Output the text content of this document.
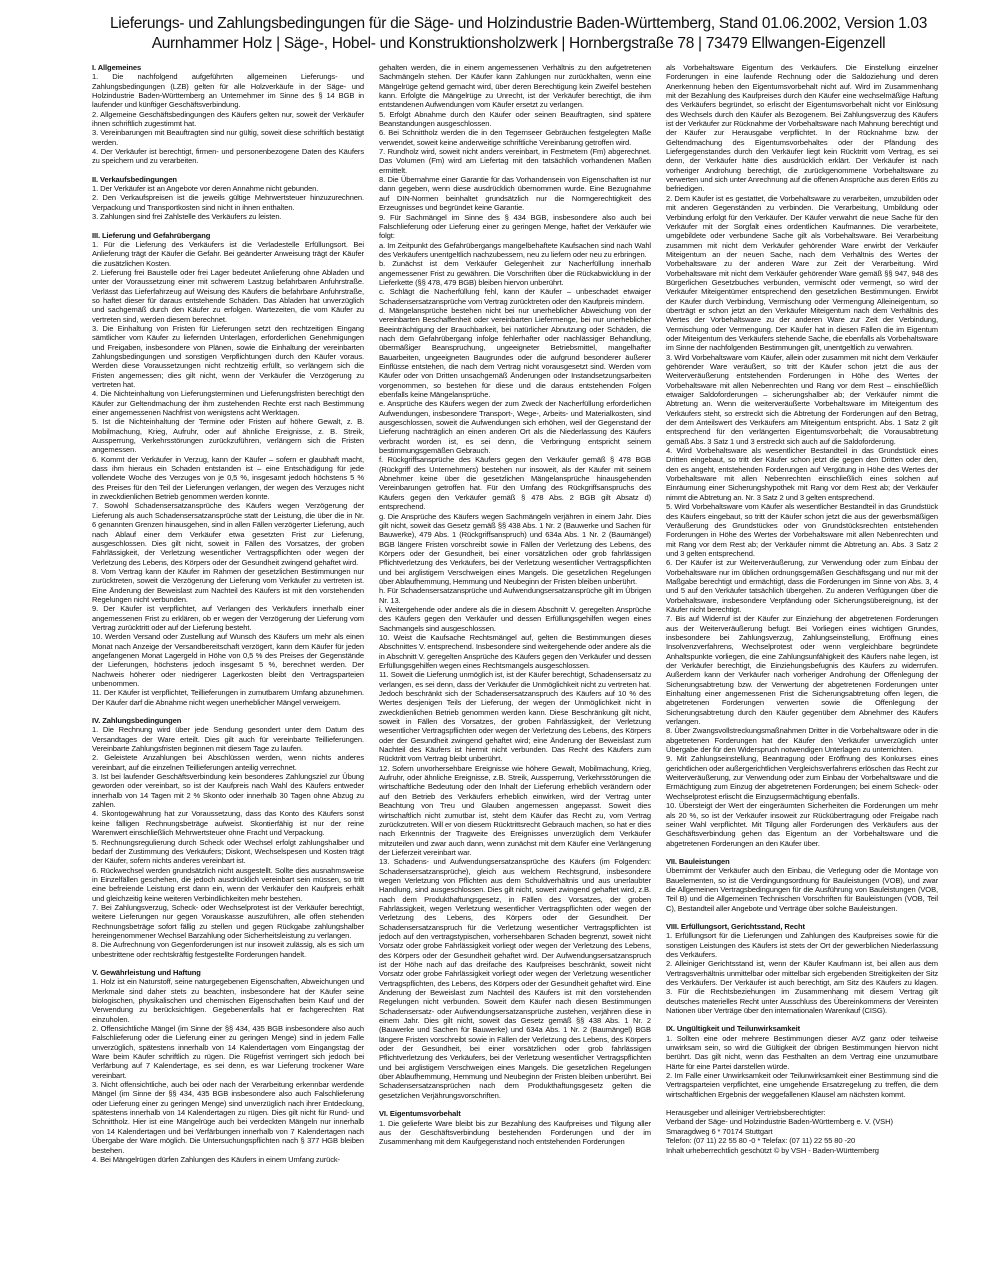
Lieferungs- und Zahlungsbedingungen für die Säge- und Holzindustrie Baden-Württemberg, Stand 01.06.2002, Version 1.03
Aurnhammer Holz | Säge-, Hobel- und Konstruktionsholzwerk | Hornbergstraße 78 | 73479 Ellwangen-Eigenzell
I. Allgemeines
1. Die nachfolgend aufgeführten allgemeinen Lieferungs- und Zahlungsbedingungen (LZB) gelten für alle Holzverkäufe in der Säge- und Holzindustrie Baden-Württemberg an Unternehmer im Sinne des § 14 BGB in laufender und künftiger Geschäftsverbindung.
2. Allgemeine Geschäftsbedingungen des Käufers gelten nur, soweit der Verkäufer ihnen schriftlich zugestimmt hat.
3. Vereinbarungen mit Beauftragten sind nur gültig, soweit diese schriftlich bestätigt werden.
4. Der Verkäufer ist berechtigt, firmen- und personenbezogene Daten des Käufers zu speichern und zu verarbeiten.
II. Verkaufsbedingungen
1. Der Verkäufer ist an Angebote vor deren Annahme nicht gebunden.
2. Den Verkaufspreisen ist die jeweils gültige Mehrwertsteuer hinzuzurechnen. Verpackung und Transportkosten sind nicht in ihnen enthalten.
3. Zahlungen sind frei Zahlstelle des Verkäufers zu leisten.
III. Lieferung und Gefahrübergang
1. Für die Lieferung des Verkäufers ist die Verladestelle Erfüllungsort. Bei Anlieferung trägt der Käufer die Gefahr. Bei geänderter Anweisung trägt der Käufer die zusätzlichen Kosten.
2. Lieferung frei Baustelle oder frei Lager bedeutet Anlieferung ohne Abladen und unter der Voraussetzung einer mit schwerem Lastzug befahrbaren Anfuhrstraße. Verlässt das Lieferfahrzeug auf Weisung des Käufers die befahrbare Anfuhrstraße, so haftet dieser für daraus entstehende Schäden. Das Abladen hat unverzüglich und sachgemäß durch den Käufer zu erfolgen. Wartezeiten, die vom Käufer zu vertreten sind, werden diesem berechnet.
3. Die Einhaltung von Fristen für Lieferungen setzt den rechtzeitigen Eingang sämtlicher vom Käufer zu liefernden Unterlagen, erforderlichen Genehmigungen und Freigaben, insbesondere von Plänen, sowie die Einhaltung der vereinbarten Zahlungsbedingungen und sonstigen Verpflichtungen durch den Käufer voraus. Werden diese Voraussetzungen nicht rechtzeitig erfüllt, so verlängern sich die Fristen angemessen; dies gilt nicht, wenn der Verkäufer die Verzögerung zu vertreten hat.
4. Die Nichteinhaltung von Lieferungsterminen und Lieferungsfristen berechtigt den Käufer zur Geltendmachung der ihm zustehenden Rechte erst nach Bestimmung einer angemessenen Nachfrist von wenigstens acht Werktagen.
5. Ist die Nichteinhaltung der Termine oder Fristen auf höhere Gewalt, z. B. Mobilmachung, Krieg, Aufruhr, oder auf ähnliche Ereignisse, z. B. Streik, Aussperrung, Verkehrsstörungen zurückzuführen, verlängern sich die Fristen angemessen.
6. Kommt der Verkäufer in Verzug, kann der Käufer – sofern er glaubhaft macht, dass ihm hieraus ein Schaden entstanden ist – eine Entschädigung für jede vollendete Woche des Verzuges von je 0,5 %, insgesamt jedoch höchstens 5 % des Preises für den Teil der Lieferungen verlangen, der wegen des Verzuges nicht in zweckdienlichen Betrieb genommen werden konnte.
7. Sowohl Schadensersatzansprüche des Käufers wegen Verzögerung der Lieferung als auch Schadensersatzansprüche statt der Leistung, die über die in Nr. 6 genannten Grenzen hinausgehen, sind in allen Fällen verzögerter Lieferung, auch nach Ablauf einer dem Verkäufer etwa gesetzten Frist zur Lieferung, ausgeschlossen. Dies gilt nicht, soweit in Fällen des Vorsatzes, der groben Fahrlässigkeit, der Verletzung wesentlicher Vertragspflichten oder wegen der Verletzung des Lebens, des Körpers oder der Gesundheit zwingend gehaftet wird.
8. Vom Vertrag kann der Käufer im Rahmen der gesetzlichen Bestimmungen nur zurücktreten, soweit die Verzögerung der Lieferung vom Verkäufer zu vertreten ist. Eine Änderung der Beweislast zum Nachteil des Käufers ist mit den vorstehenden Regelungen nicht verbunden.
9. Der Käufer ist verpflichtet, auf Verlangen des Verkäufers innerhalb einer angemessenen Frist zu erklären, ob er wegen der Verzögerung der Lieferung vom Vertrag zurücktritt oder auf der Lieferung besteht.
10. Werden Versand oder Zustellung auf Wunsch des Käufers um mehr als einen Monat nach Anzeige der Versandbereitschaft verzögert, kann dem Käufer für jeden angefangenen Monat Lagergeld in Höhe von 0,5 % des Preises der Gegenstände der Lieferungen, höchstens jedoch insgesamt 5 %, berechnet werden. Der Nachweis höherer oder niedrigerer Lagerkosten bleibt den Vertragsparteien unbenommen.
11. Der Käufer ist verpflichtet, Teillieferungen in zumutbarem Umfang abzunehmen. Der Käufer darf die Abnahme nicht wegen unerheblicher Mängel verweigern.
IV. Zahlungsbedingungen
1. Die Rechnung wird über jede Sendung gesondert unter dem Datum des Versandtages der Ware erteilt. Dies gilt auch für vereinbarte Teillieferungen. Vereinbarte Zahlungsfristen beginnen mit diesem Tage zu laufen.
2. Geleistete Anzahlungen bei Abschlüssen werden, wenn nichts anderes vereinbart, auf die einzelnen Teillieferungen anteilig verrechnet.
3. Ist bei laufender Geschäftsverbindung kein besonderes Zahlungsziel zur Übung geworden oder vereinbart, so ist der Kaufpreis nach Wahl des Käufers entweder innerhalb von 14 Tagen mit 2 % Skonto oder innerhalb 30 Tagen ohne Abzug zu zahlen.
4. Skontogewährung hat zur Voraussetzung, dass das Konto des Käufers sonst keine fälligen Rechnungsbeträge aufweist. Skontierfähig ist nur der reine Warenwert einschließlich Mehrwertsteuer ohne Fracht und Verpackung.
5. Rechnungsregulierung durch Scheck oder Wechsel erfolgt zahlungshalber und bedarf der Zustimmung des Verkäufers; Diskont, Wechselspesen und Kosten trägt der Käufer, sofern nichts anderes vereinbart ist.
6. Rückwechsel werden grundsätzlich nicht ausgestellt. Sollte dies ausnahmsweise in Einzelfällen geschehen, die jedoch ausdrücklich vereinbart sein müssen, so tritt eine befreiende Leistung erst dann ein, wenn der Verkäufer den Kaufpreis erhält und gleichzeitig keine weiteren Verbindlichkeiten mehr bestehen.
7. Bei Zahlungsverzug, Scheck- oder Wechselprotest ist der Verkäufer berechtigt, weitere Lieferungen nur gegen Vorauskasse auszuführen, alle offen stehenden Rechnungsbeträge sofort fällig zu stellen und gegen Rückgabe zahlungshalber hereingenommener Wechsel Barzahlung oder Sicherheitsleistung zu verlangen.
8. Die Aufrechnung von Gegenforderungen ist nur insoweit zulässig, als es sich um unbestrittene oder rechtskräftig festgestellte Forderungen handelt.
V. Gewährleistung und Haftung
1. Holz ist ein Naturstoff, seine naturgegebenen Eigenschaften, Abweichungen und Merkmale sind daher stets zu beachten, insbesondere hat der Käufer seine biologischen, physikalischen und chemischen Eigenschaften beim Kauf und der Verwendung zu berücksichtigen. Gegebenenfalls hat er fachgerechten Rat einzuholen.
2. Offensichtliche Mängel (im Sinne der §§ 434, 435 BGB insbesondere also auch Falschlieferung oder die Lieferung einer zu geringen Menge) sind in jedem Falle unverzüglich, spätestens innerhalb von 14 Kalendertagen vom Eingangstag der Ware beim Käufer schriftlich zu rügen. Die Rügefrist verringert sich jedoch bei Verfärbung auf 7 Kalendertage, es sei denn, es war Lieferung trockener Ware vereinbart.
3. Nicht offensichtliche, auch bei oder nach der Verarbeitung erkennbar werdende Mängel (im Sinne der §§ 434, 435 BGB insbesondere also auch Falschlieferung oder Lieferung einer zu geringen Menge) sind unverzüglich nach ihrer Entdeckung, spätestens innerhalb von 14 Kalendertagen zu rügen. Dies gilt nicht für Rund- und Schnittholz. Hier ist eine Mängelrüge auch bei verdeckten Mängeln nur innerhalb von 14 Kalendertagen und bei Verfärbungen innerhalb von 7 Kalendertagen nach Übergabe der Ware möglich. Die Untersuchungspflichten nach § 377 HGB bleiben bestehen.
4. Bei Mängelrügen dürfen Zahlungen des Käufers in einem Umfang zurück-
gehalten werden, die in einem angemessenen Verhältnis zu den aufgetretenen Sachmängeln stehen. Der Käufer kann Zahlungen nur zurückhalten, wenn eine Mängelrüge geltend gemacht wird, über deren Berechtigung kein Zweifel bestehen kann. Erfolgte die Mängelrüge zu Unrecht, ist der Verkäufer berechtigt, die ihm entstandenen Aufwendungen vom Käufer ersetzt zu verlangen.
5. Erfolgt Abnahme durch den Käufer oder seinen Beauftragten, sind spätere Beanstandungen ausgeschlossen.
6. Bei Schnittholz werden die in den Tegernseer Gebräuchen festgelegten Maße verwendet, soweit keine anderweitige schriftliche Vereinbarung getroffen wird.
7. Rundholz wird, soweit nicht anders vereinbart, in Festmetern (Fm) abgerechnet. Das Volumen (Fm) wird am Liefertag mit den tatsächlich vorhandenen Maßen ermittelt.
8. Die Übernahme einer Garantie für das Vorhandensein von Eigenschaften ist nur dann gegeben, wenn diese ausdrücklich übernommen wurde. Eine Bezugnahme auf DIN-Normen beinhaltet grundsätzlich nur die Normgerechtigkeit des Erzeugnisses und begründet keine Garantie.
9. Für Sachmängel im Sinne des § 434 BGB, insbesondere also auch bei Falschlieferung oder Lieferung einer zu geringen Menge, haftet der Verkäufer wie folgt:
a. Im Zeitpunkt des Gefahrübergangs mangelbehaftete Kaufsachen sind nach Wahl des Verkäufers unentgeltlich nachzubessern, neu zu liefern oder neu zu erbringen.
b. Zunächst ist dem Verkäufer Gelegenheit zur Nacherfüllung innerhalb angemessener Frist zu gewähren. Die Vorschriften über die Rückabwicklung in der Lieferkette (§§ 478, 479 BGB) bleiben hiervon unberührt.
c. Schlägt die Nacherfüllung fehl, kann der Käufer – unbeschadet etwaiger Schadensersatzansprüche vom Vertrag zurücktreten oder den Kaufpreis mindern.
d. Mängelansprüche bestehen nicht bei nur unerheblicher Abweichung von der vereinbarten Beschaffenheit oder vereinbarten Liefermenge, bei nur unerheblicher Beeinträchtigung der Brauchbarkeit, bei natürlicher Abnutzung oder Schäden, die nach dem Gefahrübergang infolge fehlerhafter oder nachlässiger Behandlung, übermäßiger Beanspruchung, ungeeigneter Betriebsmittel, mangelhafter Bauarbeiten, ungeeigneten Baugrundes oder die aufgrund besonderer äußerer Einflüsse entstehen, die nach dem Vertrag nicht vorausgesetzt sind. Werden vom Käufer oder von Dritten unsachgemäß Änderungen oder Instandsetzungsarbeiten vorgenommen, so bestehen für diese und die daraus entstehenden Folgen ebenfalls keine Mängelansprüche.
e. Ansprüche des Käufers wegen der zum Zweck der Nacherfüllung erforderlichen Aufwendungen, insbesondere Transport-, Wege-, Arbeits- und Materialkosten, sind ausgeschlossen, soweit die Aufwendungen sich erhöhen, weil der Gegenstand der Lieferung nachträglich an einen anderen Ort als die Niederlassung des Käufers verbracht worden ist, es sei denn, die Verbringung entspricht seinem bestimmungsgemäßen Gebrauch.
f. Rückgriffsansprüche des Käufers gegen den Verkäufer gemäß § 478 BGB (Rückgriff des Unternehmers) bestehen nur insoweit, als der Käufer mit seinem Abnehmer keine über die gesetzlichen Mängelansprüche hinausgehenden Vereinbarungen getroffen hat. Für den Umfang des Rückgriffsanspruchs des Käufers gegen den Verkäufer gemäß § 478 Abs. 2 BGB gilt Absatz d) entsprechend.
g. Die Ansprüche des Käufers wegen Sachmängeln verjähren in einem Jahr. Dies gilt nicht, soweit das Gesetz gemäß §§ 438 Abs. 1 Nr. 2 (Bauwerke und Sachen für Bauwerke), 479 Abs. 1 (Rückgriffsanspruch) und 634a Abs. 1 Nr. 2 (Baumängel) BGB längere Fristen vorschreibt sowie in Fällen der Verletzung des Lebens, des Körpers oder der Gesundheit, bei einer vorsätzlichen oder grob fahrlässigen Pflichtverletzung des Verkäufers, bei der Verletzung wesentlicher Vertragspflichten und bei arglistigem Verschweigen eines Mangels. Die gesetzlichen Regelungen über Ablaufhemmung, Hemmung und Neubeginn der Fristen bleiben unberührt.
h. Für Schadensersatzansprüche und Aufwendungsersatzansprüche gilt im Übrigen Nr. 13.
i. Weitergehende oder andere als die in diesem Abschnitt V. geregelten Ansprüche des Käufers gegen den Verkäufer und dessen Erfüllungsgehilfen wegen eines Sachmangels sind ausgeschlossen.
10. Weist die Kaufsache Rechtsmängel auf, gelten die Bestimmungen dieses Abschnittes V. entsprechend. Insbesondere sind weitergehende oder andere als die in Abschnitt V. geregelten Ansprüche des Käufers gegen den Verkäufer und dessen Erfüllungsgehilfen wegen eines Rechtsmangels ausgeschlossen.
11. Soweit die Lieferung unmöglich ist, ist der Käufer berechtigt, Schadensersatz zu verlangen, es sei denn, dass der Verkäufer die Unmöglichkeit nicht zu vertreten hat. Jedoch beschränkt sich der Schadensersatzanspruch des Käufers auf 10 % des Wertes desjenigen Teils der Lieferung, der wegen der Unmöglichkeit nicht in zweckdienlichen Betrieb genommen werden kann. Diese Beschränkung gilt nicht, soweit in Fällen des Vorsatzes, der groben Fahrlässigkeit, der Verletzung wesentlicher Vertragspflichten oder wegen der Verletzung des Lebens, des Körpers oder der Gesundheit zwingend gehaftet wird; eine Änderung der Beweislast zum Nachteil des Käufers ist hiermit nicht verbunden. Das Recht des Käufers zum Rücktritt vom Vertrag bleibt unberührt.
12. Sofern unvorhersehbare Ereignisse wie höhere Gewalt, Mobilmachung, Krieg, Aufruhr, oder ähnliche Ereignisse, z.B. Streik, Aussperrung, Verkehrsstörungen die wirtschaftliche Bedeutung oder den Inhalt der Lieferung erheblich verändern oder auf den Betrieb des Verkäufers erheblich einwirken, wird der Vertrag unter Beachtung von Treu und Glauben angemessen angepasst. Soweit dies wirtschaftlich nicht zumutbar ist, steht dem Käufer das Recht zu, vom Vertrag zurückzutreten. Will er von diesem Rücktrittsrecht Gebrauch machen, so hat er dies nach Erkenntnis der Tragweite des Ereignisses unverzüglich dem Verkäufer mitzuteilen und zwar auch dann, wenn zunächst mit dem Käufer eine Verlängerung der Lieferzeit vereinbart war.
13. Schadens- und Aufwendungsersatzansprüche des Käufers (im Folgenden: Schadensersatzansprüche), gleich aus welchem Rechtsgrund, insbesondere wegen Verletzung von Pflichten aus dem Schuldverhältnis und aus unerlaubter Handlung, sind ausgeschlossen. Dies gilt nicht, soweit zwingend gehaftet wird, z.B. nach dem Produkthaftungsgesetz, in Fällen des Vorsatzes, der groben Fahrlässigkeit, wegen Verletzung wesentlicher Vertragspflichten oder wegen der Verletzung des Lebens, des Körpers oder der Gesundheit. Der Schadensersatzanspruch für die Verletzung wesentlicher Vertragspflichten ist jedoch auf den vertragstypischen, vorhersehbaren Schaden begrenzt, soweit nicht Vorsatz oder grobe Fahrlässigkeit vorliegt oder wegen der Verletzung des Lebens, des Körpers oder der Gesundheit gehaftet wird. Der Aufwendungsersatzanspruch ist der Höhe nach auf das dreifache des Kaufpreises beschränkt, soweit nicht Vorsatz oder grobe Fahrlässigkeit vorliegt oder wegen der Verletzung wesentlicher Vertragspflichten, des Lebens, des Körpers oder der Gesundheit gehaftet wird. Eine Änderung der Beweislast zum Nachteil des Käufers ist mit den vorstehenden Regelungen nicht verbunden. Soweit dem Käufer nach diesen Bestimmungen Schadensersatz- oder Aufwendungsersatzansprüche zustehen, verjähren diese in einem Jahr. Dies gilt nicht, soweit das Gesetz gemäß §§ 438 Abs. 1 Nr. 2 (Bauwerke und Sachen für Bauwerke) und 634a Abs. 1 Nr. 2 (Baumängel) BGB längere Fristen vorschreibt sowie in Fällen der Verletzung des Lebens, des Körpers oder der Gesundheit, bei einer vorsätzlichen oder grob fahrlässigen Pflichtverletzung des Verkäufers, bei der Verletzung wesentlicher Vertragspflichten und bei arglistigem Verschweigen eines Mangels. Die gesetzlichen Regelungen über Ablaufhemmung, Hemmung und Neubeginn der Fristen bleiben unberührt. Bei Schadensersatzansprüchen nach dem Produkthaftungsgesetz gelten die gesetzlichen Verjährungsvorschriften.
VI. Eigentumsvorbehalt
1. Die gelieferte Ware bleibt bis zur Bezahlung des Kaufpreises und Tilgung aller aus der Geschäftsverbindung bestehenden Forderungen und der im Zusammenhang mit dem Kaufgegenstand noch entstehenden Forderungen
als Vorbehaltsware Eigentum des Verkäufers. Die Einstellung einzelner Forderungen in eine laufende Rechnung oder die Saldoziehung und deren Anerkennung heben den Eigentumsvorbehalt nicht auf. Wird im Zusammenhang mit der Bezahlung des Kaufpreises durch den Käufer eine wechselmäßige Haftung des Verkäufers begründet, so erlischt der Eigentumsvorbehalt nicht vor Einlösung des Wechsels durch den Käufer als Bezogenem. Bei Zahlungsverzug des Käufers ist der Verkäufer zur Rücknahme der Vorbehaltsware nach Mahnung berechtigt und der Käufer zur Herausgabe verpflichtet. In der Rücknahme bzw. der Geltendmachung des Eigentumsvorbehaltes oder der Pfändung des Liefergegenstandes durch den Verkäufer liegt kein Rücktritt vom Vertrag, es sei denn, der Verkäufer hätte dies ausdrücklich erklärt. Der Verkäufer ist nach vorheriger Androhung berechtigt, die zurückgenommene Vorbehaltsware zu verwerten und sich unter Anrechnung auf die offenen Ansprüche aus deren Erlös zu befriedigen.
2. Dem Käufer ist es gestattet, die Vorbehaltsware zu verarbeiten, umzubilden oder mit anderen Gegenständen zu verbinden. Die Verarbeitung, Umbildung oder Verbindung erfolgt für den Verkäufer. Der Käufer verwahrt die neue Sache für den Verkäufer mit der Sorgfalt eines ordentlichen Kaufmannes. Die verarbeitete, umgebildete oder verbundene Sache gilt als Vorbehaltsware. Bei Verarbeitung zusammen mit nicht dem Verkäufer gehörender Ware erwirbt der Verkäufer Miteigentum an der neuen Sache, nach dem Verhältnis des Wertes der Vorbehaltsware zu der anderen Ware zur Zeit der Verarbeitung. Wird Vorbehaltsware mit nicht dem Verkäufer gehörender Ware gemäß §§ 947, 948 des Bürgerlichen Gesetzbuches verbunden, vermischt oder vermengt, so wird der Verkäufer Miteigentümer entsprechend den gesetzlichen Bestimmungen. Erwirbt der Käufer durch Verbindung, Vermischung oder Vermengung Alleineigentum, so überträgt er schon jetzt an den Verkäufer Miteigentum nach dem Verhältnis des Wertes der Vorbehaltsware zu der anderen Ware zur Zeit der Verbindung, Vermischung oder Vermengung. Der Käufer hat in diesen Fällen die im Eigentum oder Miteigentum des Verkäufers stehende Sache, die ebenfalls als Vorbehaltsware im Sinne der nachfolgenden Bestimmungen gilt, unentgeltlich zu verwahren.
3. Wird Vorbehaltsware vom Käufer, allein oder zusammen mit nicht dem Verkäufer gehörender Ware veräußert, so tritt der Käufer schon jetzt die aus der Weiterveräußerung entstehenden Forderungen in Höhe des Wertes der Vorbehaltsware mit allen Nebenrechten und Rang vor dem Rest – einschließlich etwaiger Saldoforderungen – sicherungshalber ab; der Verkäufer nimmt die Abtretung an. Wenn die weiterveräußerte Vorbehaltsware im Miteigentum des Verkäufers steht, so erstreckt sich die Abtretung der Forderungen auf den Betrag, der dem Anteilswert des Verkäufers am Miteigentum entspricht. Abs. 1 Satz 2 gilt entsprechend für den verlängerten Eigentumsvorbehalt; die Vorausabtretung gemäß Abs. 3 Satz 1 und 3 erstreckt sich auch auf die Saldoforderung.
4. Wird Vorbehaltsware als wesentlicher Bestandteil in das Grundstück eines Dritten eingebaut, so tritt der Käufer schon jetzt die gegen den Dritten oder den, den es angeht, entstehenden Forderungen auf Vergütung in Höhe des Wertes der Vorbehaltsware mit allen Nebenrechten einschließlich eines solchen auf Einräumung einer Sicherungshypothek mit Rang vor dem Rest ab; der Verkäufer nimmt die Abtretung an. Nr. 3 Satz 2 und 3 gelten entsprechend.
5. Wird Vorbehaltsware vom Käufer als wesentlicher Bestandteil in das Grundstück des Käufers eingebaut, so tritt der Käufer schon jetzt die aus der gewerbsmäßigen Veräußerung des Grundstückes oder von Grundstücksrechten entstehenden Forderungen in Höhe des Wertes der Vorbehaltsware mit allen Nebenrechten und mit Rang vor dem Rest ab; der Verkäufer nimmt die Abtretung an. Abs. 3 Satz 2 und 3 gelten entsprechend.
6. Der Käufer ist zur Weiterveräußerung, zur Verwendung oder zum Einbau der Vorbehaltsware nur im üblichen ordnungsgemäßen Geschäftsgang und nur mit der Maßgabe berechtigt und ermächtigt, dass die Forderungen im Sinne von Abs. 3, 4 und 5 auf den Verkäufer tatsächlich übergehen. Zu anderen Verfügungen über die Vorbehaltsware, insbesondere Verpfändung oder Sicherungsübereignung, ist der Käufer nicht berechtigt.
7. Bis auf Widerruf ist der Käufer zur Einziehung der abgetretenen Forderungen aus der Weiterveräußerung befugt. Bei Vorliegen eines wichtigen Grundes, insbesondere bei Zahlungsverzug, Zahlungseinstellung, Eröffnung eines Insolvenzverfahrens, Wechselprotest oder wenn vergleichbare begründete Anhaltspunkte vorliegen, die eine Zahlungsunfähigkeit des Käufers nahe legen, ist der Verkäufer berechtigt, die Einziehungsbefugnis des Käufers zu widerrufen. Außerdem kann der Verkäufer nach vorheriger Androhung der Offenlegung der Sicherungsabtretung bzw. der Verwertung der abgetretenen Forderungen unter Einhaltung einer angemessenen Frist die Sicherungsabtretung offen legen, die abgetretenen Forderungen verwerten sowie die Offenlegung der Sicherungsabtretung durch den Käufer gegenüber dem Abnehmer des Käufers verlangen.
8. Über Zwangsvollstreckungsmaßnahmen Dritter in die Vorbehaltsware oder in die abgetretenen Forderungen hat der Käufer den Verkäufer unverzüglich unter Übergabe der für den Widerspruch notwendigen Unterlagen zu unterrichten.
9. Mit Zahlungseinstellung, Beantragung oder Eröffnung des Konkurses eines gerichtlichen oder außergerichtlichen Vergleichsverfahrens erlöschen das Recht zur Weiterveräußerung, zur Verwendung oder zum Einbau der Vorbehaltsware und die Ermächtigung zum Einzug der abgetretenen Forderungen; bei einem Scheck- oder Wechselprotest erlischt die Einzugsermächtigung ebenfalls.
10. Übersteigt der Wert der eingeräumten Sicherheiten die Forderungen um mehr als 20 %, so ist der Verkäufer insoweit zur Rückübertragung oder Freigabe nach seiner Wahl verpflichtet. Mit Tilgung aller Forderungen des Verkäufers aus der Geschäftsverbindung gehen das Eigentum an der Vorbehaltsware und die abgetretenen Forderungen an den Käufer über.
VII. Bauleistungen
Übernimmt der Verkäufer auch den Einbau, die Verlegung oder die Montage von Bauelementen, so ist die Verdingungsordnung für Bauleistungen (VOB), und zwar die Allgemeinen Vertragsbedingungen für die Ausführung von Bauleistungen (VOB, Teil B) und die Allgemeinen Technischen Vorschriften für Bauleistungen (VOB, Teil C), Bestandteil aller Angebote und Verträge über solche Bauleistungen.
VIII. Erfüllungsort, Gerichtsstand, Recht
1. Erfüllungsort für die Lieferungen und Zahlungen des Kaufpreises sowie für die sonstigen Leistungen des Käufers ist stets der Ort der gewerblichen Niederlassung des Verkäufers.
2. Alleiniger Gerichtsstand ist, wenn der Käufer Kaufmann ist, bei allen aus dem Vertragsverhältnis unmittelbar oder mittelbar sich ergebenden Streitigkeiten der Sitz des Verkäufers. Der Verkäufer ist auch berechtigt, am Sitz des Käufers zu klagen. 3. Für die Rechtsbeziehungen im Zusammenhang mit diesem Vertrag gilt deutsches materielles Recht unter Ausschluss des Übereinkommens der Vereinten Nationen über Verträge über den internationalen Warenkauf (CISG).
IX. Ungültigkeit und Teilunwirksamkeit
1. Sollten eine oder mehrere Bestimmungen dieser AVZ ganz oder teilweise unwirksam sein, so wird die Gültigkeit der übrigen Bestimmungen hiervon nicht berührt. Das gilt nicht, wenn das Festhalten an dem Vertrag eine unzumutbare Härte für eine Partei darstellen würde.
2. Im Falle einer Unwirksamkeit oder Teilunwirksamkeit einer Bestimmung sind die Vertragsparteien verpflichtet, eine umgehende Ersatzregelung zu treffen, die dem wirtschaftlichen Ergebnis der weggefallenen Klausel am nächsten kommt.
Herausgeber und alleiniger Vertriebsberechtigter:
Verband der Säge- und Holzindustrie Baden-Württemberg e. V. (VSH)
Smaragdweg 6 * 70174 Stuttgart
Telefon: (07 11) 22 55 80 -0 * Telefax: (07 11) 22 55 80 -20
Inhalt urheberrechtlich geschützt © by VSH - Baden-Württemberg
